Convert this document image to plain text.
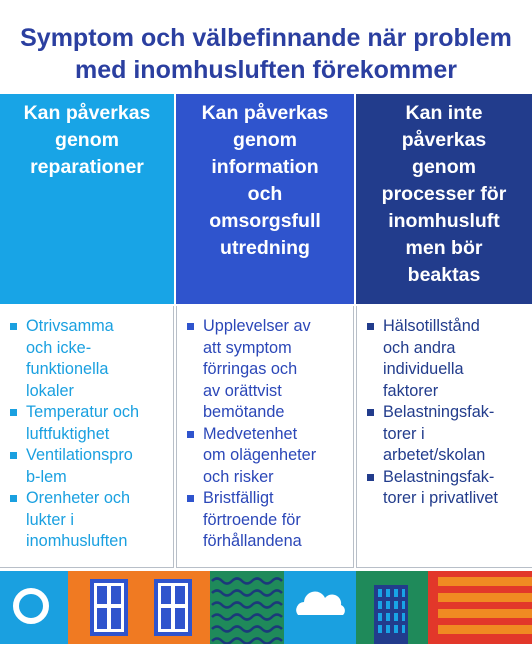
Symptom och välbefinnande när problem
med inomhusluften förekommer
Kan påverkas
genom
reparationer
Otrivsamma
och icke-
funktionella
lokaler
Temperatur och
luftfuktighet
Ventilationspro
b-lem
Orenheter och
lukter i
inomhusluften
Kan påverkas
genom
information
och
omsorgsfull
utredning
Upplevelser av
att symptom
förringas och
av orättvist
bemötande
Medvetenhet
om olägenheter
och risker
Bristfälligt
förtroende för
förhållandena
Kan inte
påverkas
genom
processer för
inomhusluft
men bör
beaktas
Hälsotillstånd
och andra
individuella
faktorer
Belastningsfak-
torer i
arbetet/skolan
Belastningsfak-
torer i privatlivet
